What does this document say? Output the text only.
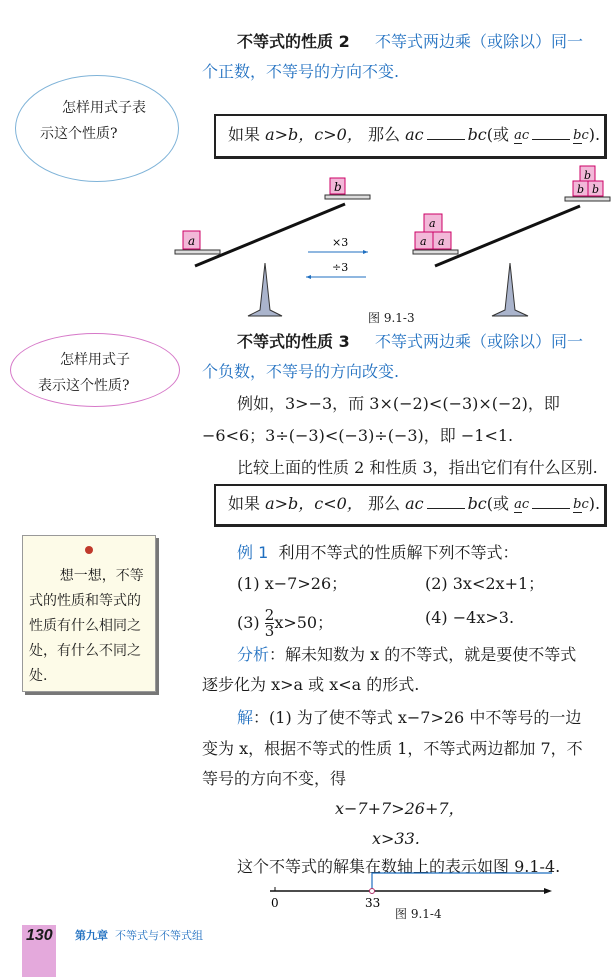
怎样用式子表
示这个性质?
不等式的性质 2 不等式两边乘（或除以）同一
个正数，不等号的方向不变.
如果 a>b，c>0， 那么 ac	bc(或 ac	bc).
a
b
×3
÷3
a a
a
b b
b
图 9.1-3
怎样用式子
表示这个性质?
不等式的性质 3 不等式两边乘（或除以）同一
个负数，不等号的方向改变.
例如，3>−3，而 3×(−2)<(−3)×(−2)，即
−6<6；3÷(−3)<(−3)÷(−3)，即 −1<1.
比较上面的性质 2 和性质 3，指出它们有什么区别.
如果 a>b，c<0， 那么 ac	bc(或 ac	bc).
想一想，不等式的性质和等式的性质有什么相同之处，有什么不同之处.
例 1 利用不等式的性质解下列不等式：
(1) x−7>26；	(2) 3x<2x+1；
$(3) \frac{2}{3} x>50$；	(4) −4x>3.
分析：解未知数为 x 的不等式，就是要使不等式
逐步化为 x>a 或 x<a 的形式.
解：(1) 为了使不等式 x−7>26 中不等号的一边
变为 x，根据不等式的性质 1，不等式两边都加 7，不
等号的方向不变，得
x−7+7>26+7，
x>33.
这个不等式的解集在数轴上的表示如图 9.1-4.
0	33
图 9.1-4
130 第九章 不等式与不等式组
